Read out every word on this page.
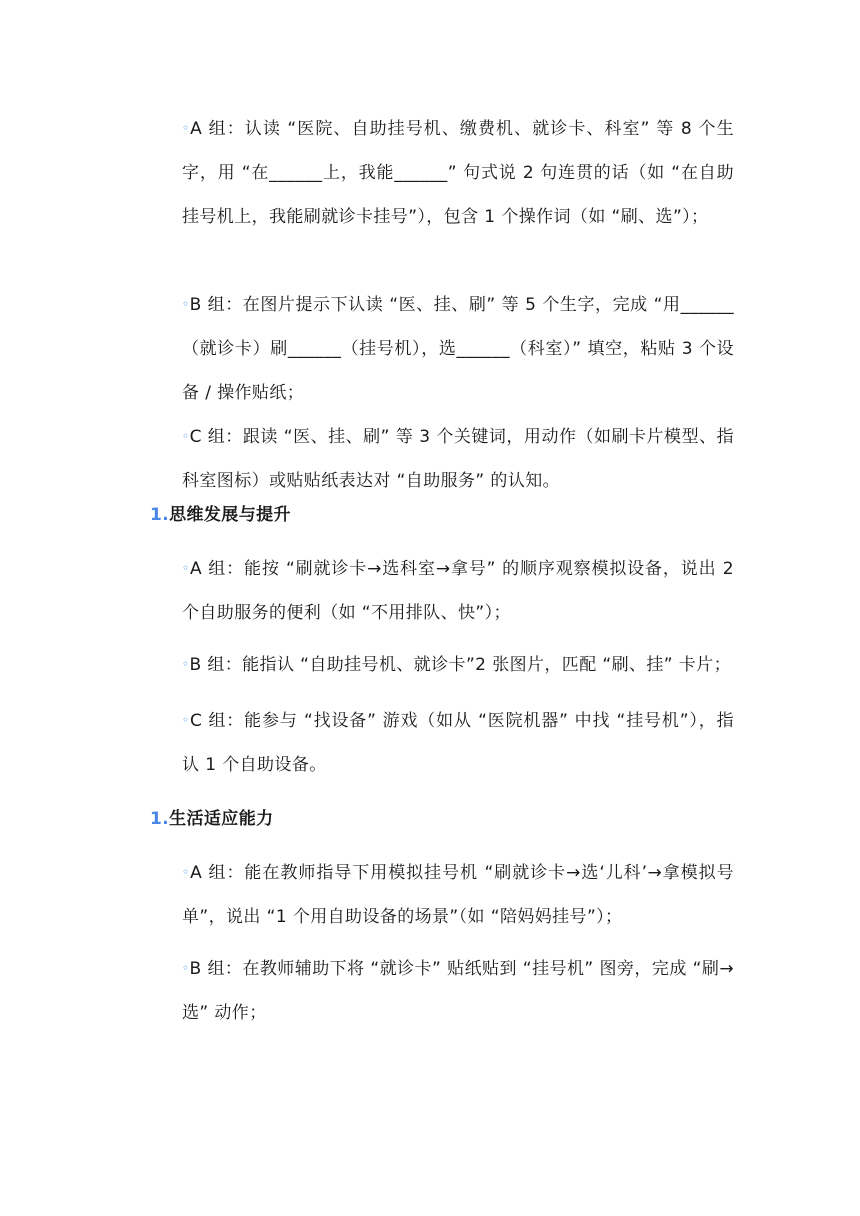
◦A 组：认读 “医院、自助挂号机、缴费机、就诊卡、科室” 等 8 个生字，用 “在______上，我能______” 句式说 2 句连贯的话（如 “在自助挂号机上，我能刷就诊卡挂号”），包含 1 个操作词（如 “刷、选”）；
◦B 组：在图片提示下认读 “医、挂、刷” 等 5 个生字，完成 “用______（就诊卡）刷______（挂号机），选______（科室）” 填空，粘贴 3 个设备 / 操作贴纸；
◦C 组：跟读 “医、挂、刷” 等 3 个关键词，用动作（如刷卡片模型、指科室图标）或贴贴纸表达对 “自助服务” 的认知。
1.思维发展与提升
◦A 组：能按 “刷就诊卡→选科室→拿号” 的顺序观察模拟设备，说出 2 个自助服务的便利（如 “不用排队、快”）；
◦B 组：能指认 “自助挂号机、就诊卡”2 张图片，匹配 “刷、挂” 卡片；
◦C 组：能参与 “找设备” 游戏（如从 “医院机器” 中找 “挂号机”），指认 1 个自助设备。
1.生活适应能力
◦A 组：能在教师指导下用模拟挂号机 “刷就诊卡→选‘儿科’→拿模拟号单”，说出 “1 个用自助设备的场景”（如 “陪妈妈挂号”）；
◦B 组：在教师辅助下将 “就诊卡” 贴纸贴到 “挂号机” 图旁，完成 “刷→选” 动作；
